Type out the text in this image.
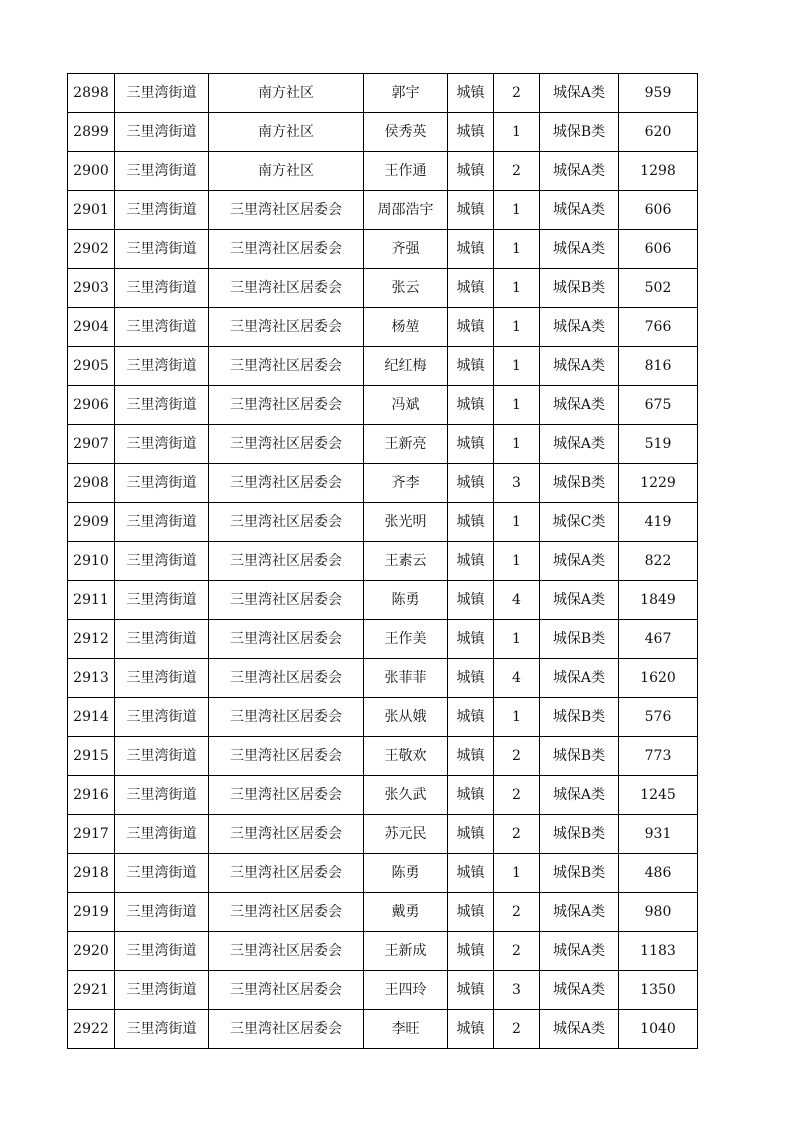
2898	三里湾街道	南方社区	郭宇	城镇	2	城保A类	959
2899	三里湾街道	南方社区	侯秀英	城镇	1	城保B类	620
2900	三里湾街道	南方社区	王作通	城镇	2	城保A类	1298
2901	三里湾街道	三里湾社区居委会	周邵浩宇	城镇	1	城保A类	606
2902	三里湾街道	三里湾社区居委会	齐强	城镇	1	城保A类	606
2903	三里湾街道	三里湾社区居委会	张云	城镇	1	城保B类	502
2904	三里湾街道	三里湾社区居委会	杨堃	城镇	1	城保A类	766
2905	三里湾街道	三里湾社区居委会	纪红梅	城镇	1	城保A类	816
2906	三里湾街道	三里湾社区居委会	冯斌	城镇	1	城保A类	675
2907	三里湾街道	三里湾社区居委会	王新亮	城镇	1	城保A类	519
2908	三里湾街道	三里湾社区居委会	齐李	城镇	3	城保B类	1229
2909	三里湾街道	三里湾社区居委会	张光明	城镇	1	城保C类	419
2910	三里湾街道	三里湾社区居委会	王素云	城镇	1	城保A类	822
2911	三里湾街道	三里湾社区居委会	陈勇	城镇	4	城保A类	1849
2912	三里湾街道	三里湾社区居委会	王作美	城镇	1	城保B类	467
2913	三里湾街道	三里湾社区居委会	张菲菲	城镇	4	城保A类	1620
2914	三里湾街道	三里湾社区居委会	张从娥	城镇	1	城保B类	576
2915	三里湾街道	三里湾社区居委会	王敬欢	城镇	2	城保B类	773
2916	三里湾街道	三里湾社区居委会	张久武	城镇	2	城保A类	1245
2917	三里湾街道	三里湾社区居委会	苏元民	城镇	2	城保B类	931
2918	三里湾街道	三里湾社区居委会	陈勇	城镇	1	城保B类	486
2919	三里湾街道	三里湾社区居委会	戴勇	城镇	2	城保A类	980
2920	三里湾街道	三里湾社区居委会	王新成	城镇	2	城保A类	1183
2921	三里湾街道	三里湾社区居委会	王四玲	城镇	3	城保A类	1350
2922	三里湾街道	三里湾社区居委会	李旺	城镇	2	城保A类	1040
